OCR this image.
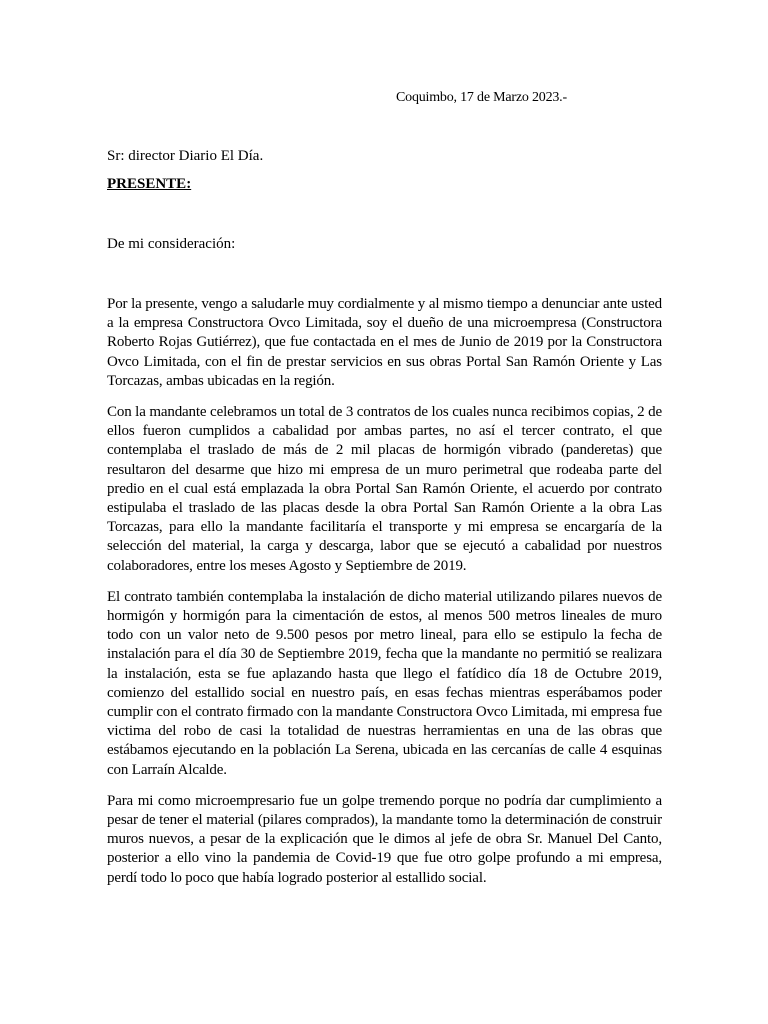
Coquimbo, 17 de Marzo 2023.-
Sr: director Diario El Día.
PRESENTE:
De mi consideración:

Por la presente, vengo a saludarle muy cordialmente y al mismo tiempo a denunciar ante usted a la empresa Constructora Ovco Limitada, soy el dueño de una microempresa (Constructora Roberto Rojas Gutiérrez), que fue contactada en el mes de Junio de 2019 por la Constructora Ovco Limitada, con el fin de prestar servicios en sus obras Portal San Ramón Oriente y Las Torcazas, ambas ubicadas en la región.

Con la mandante celebramos un total de 3 contratos de los cuales nunca recibimos copias, 2 de ellos fueron cumplidos a cabalidad por ambas partes, no así el tercer contrato, el que contemplaba el traslado de más de 2 mil placas de hormigón vibrado (panderetas) que resultaron del desarme que hizo mi empresa de un muro perimetral que rodeaba parte del predio en el cual está emplazada la obra Portal San Ramón Oriente, el acuerdo por contrato estipulaba el traslado de las placas desde la obra Portal San Ramón Oriente a la obra Las Torcazas, para ello la mandante facilitaría el transporte y mi empresa se encargaría de la selección del material, la carga y descarga, labor que se ejecutó a cabalidad por nuestros colaboradores, entre los meses Agosto y Septiembre de 2019.

El contrato también contemplaba la instalación de dicho material utilizando pilares nuevos de hormigón y hormigón para la cimentación de estos, al menos 500 metros lineales de muro todo con un valor neto de 9.500 pesos por metro lineal, para ello se estipulo la fecha de instalación para el día 30 de Septiembre 2019, fecha que la mandante no permitió se realizara la instalación, esta se fue aplazando hasta que llego el fatídico día 18 de Octubre 2019, comienzo del estallido social en nuestro país, en esas fechas mientras esperábamos poder cumplir con el contrato firmado con la mandante Constructora Ovco Limitada, mi empresa fue victima del robo de casi la totalidad de nuestras herramientas en una de las obras que estábamos ejecutando en la población La Serena, ubicada en las cercanías de calle 4 esquinas con Larraín Alcalde.

Para mi como microempresario fue un golpe tremendo porque no podría dar cumplimiento a pesar de tener el material (pilares comprados), la mandante tomo la determinación de construir muros nuevos, a pesar de la explicación que le dimos al jefe de obra Sr. Manuel Del Canto, posterior a ello vino la pandemia de Covid-19 que fue otro golpe profundo a mi empresa, perdí todo lo poco que había logrado posterior al estallido social.
